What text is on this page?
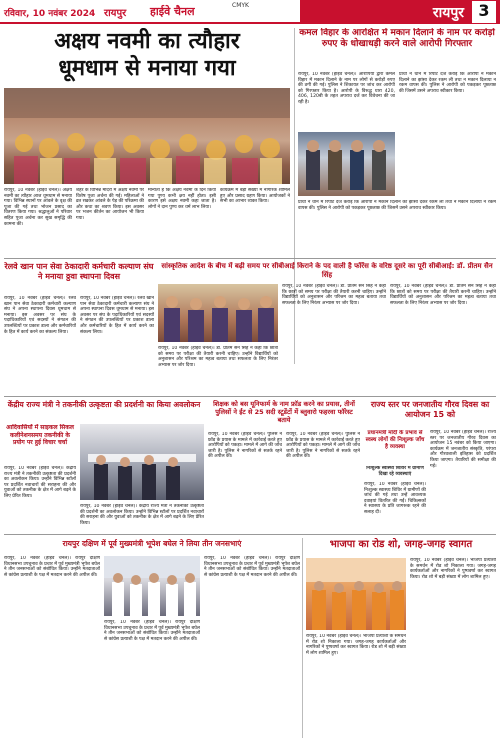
रविवार, 10 नवंबर 2024 रायपुर हाईवे चैनल	CMYK	रायपुर 3
अक्षय नवमी का त्यौहार
धूमधाम से मनाया गया
रायपुर, 10 नवंबर (हाईवे चैनल)। अक्षय नवमी का त्यौहार आज धूमधाम से मनाया गया। विभिन्न स्थानों पर आंवले के वृक्ष की पूजा की गई तथा भोजन प्रसाद का वितरण किया गया। श्रद्धालुओं ने परिवार सहित पूजा अर्चना कर सुख समृद्धि की कामना की।
शहर के विभिन्न मंदिरों में अक्षय नवमी पर विशेष पूजा अर्चना की गई। महिलाओं ने व्रत रखकर आंवले के पेड़ की परिक्रमा की और कथा का श्रवण किया। इस अवसर पर भजन कीर्तन का आयोजन भी किया गया।
मान्यता है कि अक्षय नवमी के दिन किया गया पुण्य कभी क्षय नहीं होता। इसी कारण इसे अक्षय नवमी कहा जाता है। लोगों ने दान पुण्य कर धर्म लाभ लिया।
कार्यक्रम में बड़ी संख्या में नागरिक शामिल हुए और प्रसाद ग्रहण किया। आयोजकों ने सभी का आभार व्यक्त किया।
कमल विहार के आरक्षित में मकान दिलाने के नाम पर करोड़ों रुपए के धोखाधड़ी करने वाले आरोपी गिरफ्तार
रायपुर, 10 नवंबर (हाईवे चैनल)। आरोपियों द्वारा कमल विहार में मकान दिलाने के नाम पर लोगों से करोड़ों रुपए की ठगी की गई। पुलिस ने शिकायत पर जांच कर आरोपी को गिरफ्तार किया है। आरोपी के विरुद्ध धारा 420, 406, 120बी के तहत अपराध दर्ज कर विवेचना की जा रही है।
प्रार्थी ने थाने में रिपोर्ट दर्ज कराई कि आरोपी ने मकान दिलाने का झांसा देकर रकम ली तथा न मकान दिलाया न रकम वापस की। पुलिस ने आरोपी को पकड़कर पूछताछ की जिसमें उसने अपराध स्वीकार किया।
प्रार्थी ने थाने में रिपोर्ट दर्ज कराई कि आरोपी ने मकान दिलाने का झांसा देकर रकम ली तथा न मकान दिलाया न रकम वापस की। पुलिस ने आरोपी को पकड़कर पूछताछ की जिसमें उसने अपराध स्वीकार किया।
रेलवे खान पान सेवा ठेकादारी कर्मचारी कल्याण संघ ने मनाया ठ्ठवा स्थापना दिवस
रायपुर, 10 नवंबर (हाईवे चैनल)। रेलवे खान पान सेवा ठेकादारी कर्मचारी कल्याण संघ ने अपना स्थापना दिवस धूमधाम से मनाया। इस अवसर पर संघ के पदाधिकारियों एवं सदस्यों ने संगठन की उपलब्धियों पर प्रकाश डाला और कर्मचारियों के हित में कार्य करने का संकल्प लिया।
रायपुर, 10 नवंबर (हाईवे चैनल)। रेलवे खान पान सेवा ठेकादारी कर्मचारी कल्याण संघ ने अपना स्थापना दिवस धूमधाम से मनाया। इस अवसर पर संघ के पदाधिकारियों एवं सदस्यों ने संगठन की उपलब्धियों पर प्रकाश डाला और कर्मचारियों के हित में कार्य करने का संकल्प लिया।
सांस्कृतिक आदेश के बीच में बढ़ी समय पर सीबीआई किराने के पद वाली है फॉरेंस के वरिष्ठ दूसरे का पूरी सीबीआई: डॉ. प्रीतम सैन सिंह
रायपुर, 10 नवंबर (हाईवे चैनल)। डॉ. प्रीतम सैन सिंह ने कहा कि छात्रों को समय पर परीक्षा की तैयारी करनी चाहिए। उन्होंने विद्यार्थियों को अनुशासन और परिश्रम का महत्व बताया तथा सफलता के लिए निरंतर अभ्यास पर जोर दिया।
रायपुर, 10 नवंबर (हाईवे चैनल)। डॉ. प्रीतम सैन सिंह ने कहा कि छात्रों को समय पर परीक्षा की तैयारी करनी चाहिए। उन्होंने विद्यार्थियों को अनुशासन और परिश्रम का महत्व बताया तथा सफलता के लिए निरंतर अभ्यास पर जोर दिया।
रायपुर, 10 नवंबर (हाईवे चैनल)। डॉ. प्रीतम सैन सिंह ने कहा कि छात्रों को समय पर परीक्षा की तैयारी करनी चाहिए। उन्होंने विद्यार्थियों को अनुशासन और परिश्रम का महत्व बताया तथा सफलता के लिए निरंतर अभ्यास पर जोर दिया।
केंद्रीय राज्य मंत्री ने तकनीकी उत्कृष्टता की प्रदर्शनी का किया अवलोकन
आदिवासियों में साइकल सिकल कलीनेशनसमय तकनीकी के प्रयोग पर हुई विचार चर्चा
रायपुर, 10 नवंबर (हाईवे चैनल)। केंद्रीय राज्य मंत्री ने तकनीकी उत्कृष्टता की प्रदर्शनी का अवलोकन किया। उन्होंने विभिन्न स्टॉलों पर प्रदर्शित नवाचारों की सराहना की और युवाओं को तकनीक के क्षेत्र में आगे बढ़ने के लिए प्रेरित किया।
रायपुर, 10 नवंबर (हाईवे चैनल)। केंद्रीय राज्य मंत्री ने तकनीकी उत्कृष्टता की प्रदर्शनी का अवलोकन किया। उन्होंने विभिन्न स्टॉलों पर प्रदर्शित नवाचारों की सराहना की और युवाओं को तकनीक के क्षेत्र में आगे बढ़ने के लिए प्रेरित किया।
शिक्षक को बस यूनिफार्म के नाम फ्रॉड करने का प्रयास, तीनों पुलिसों ने ईंट से 25 सदी स्टूडेंटों में ब्लुवारो फहरवा फॉरेस्ट बताये
रायपुर, 10 नवंबर (हाईवे चैनल)। पुलिस ने फ्रॉड के प्रयास के मामले में कार्रवाई करते हुए आरोपियों को पकड़ा। मामले में आगे की जांच जारी है। पुलिस ने नागरिकों से सतर्क रहने की अपील की।
रायपुर, 10 नवंबर (हाईवे चैनल)। पुलिस ने फ्रॉड के प्रयास के मामले में कार्रवाई करते हुए आरोपियों को पकड़ा। मामले में आगे की जांच जारी है। पुलिस ने नागरिकों से सतर्क रहने की अपील की।
राज्य स्तर पर जनजातीय गौरव दिवस का आयोजन 15 को
रायपुर, 10 नवंबर (हाईवे चैनल)। राज्य स्तर पर जनजातीय गौरव दिवस का आयोजन 15 नवंबर को किया जाएगा। कार्यक्रम में जनजातीय संस्कृति, परंपरा और गौरवशाली इतिहास को प्रदर्शित किया जाएगा। तैयारियों की समीक्षा की गई।
प्रधानमंत्री मोदी के प्रभाव से स्वस्थ लोगों की निःशुल्क जाँच है व्यवस्था
निःशुल्क स्वास्थ्य शिविर में ग्रामीण दिखा रहे व्यवस्थाएं
रायपुर, 10 नवंबर (हाईवे चैनल)। निःशुल्क स्वास्थ्य शिविर में ग्रामीणों की जांच की गई तथा उन्हें आवश्यक दवाइयां वितरित की गईं। चिकित्सकों ने स्वास्थ्य के प्रति जागरूक रहने की सलाह दी।
रायपुर दक्षिण में पूर्व मुख्यमंत्री भूपेश बघेल ने लिया तीन जनसभाएं
रायपुर, 10 नवंबर (हाईवे चैनल)। रायपुर दक्षिण विधानसभा उपचुनाव के प्रचार में पूर्व मुख्यमंत्री भूपेश बघेल ने तीन जनसभाओं को संबोधित किया। उन्होंने मतदाताओं से कांग्रेस प्रत्याशी के पक्ष में मतदान करने की अपील की।
रायपुर, 10 नवंबर (हाईवे चैनल)। रायपुर दक्षिण विधानसभा उपचुनाव के प्रचार में पूर्व मुख्यमंत्री भूपेश बघेल ने तीन जनसभाओं को संबोधित किया। उन्होंने मतदाताओं से कांग्रेस प्रत्याशी के पक्ष में मतदान करने की अपील की।
रायपुर, 10 नवंबर (हाईवे चैनल)। रायपुर दक्षिण विधानसभा उपचुनाव के प्रचार में पूर्व मुख्यमंत्री भूपेश बघेल ने तीन जनसभाओं को संबोधित किया। उन्होंने मतदाताओं से कांग्रेस प्रत्याशी के पक्ष में मतदान करने की अपील की।
भाजपा का रोड शो, जगह-जगह स्वागत
रायपुर, 10 नवंबर (हाईवे चैनल)। भाजपा प्रत्याशी के समर्थन में रोड शो निकाला गया। जगह-जगह कार्यकर्ताओं और नागरिकों ने पुष्पवर्षा कर स्वागत किया। रोड शो में बड़ी संख्या में लोग शामिल हुए।
रायपुर, 10 नवंबर (हाईवे चैनल)। भाजपा प्रत्याशी के समर्थन में रोड शो निकाला गया। जगह-जगह कार्यकर्ताओं और नागरिकों ने पुष्पवर्षा कर स्वागत किया। रोड शो में बड़ी संख्या में लोग शामिल हुए।
